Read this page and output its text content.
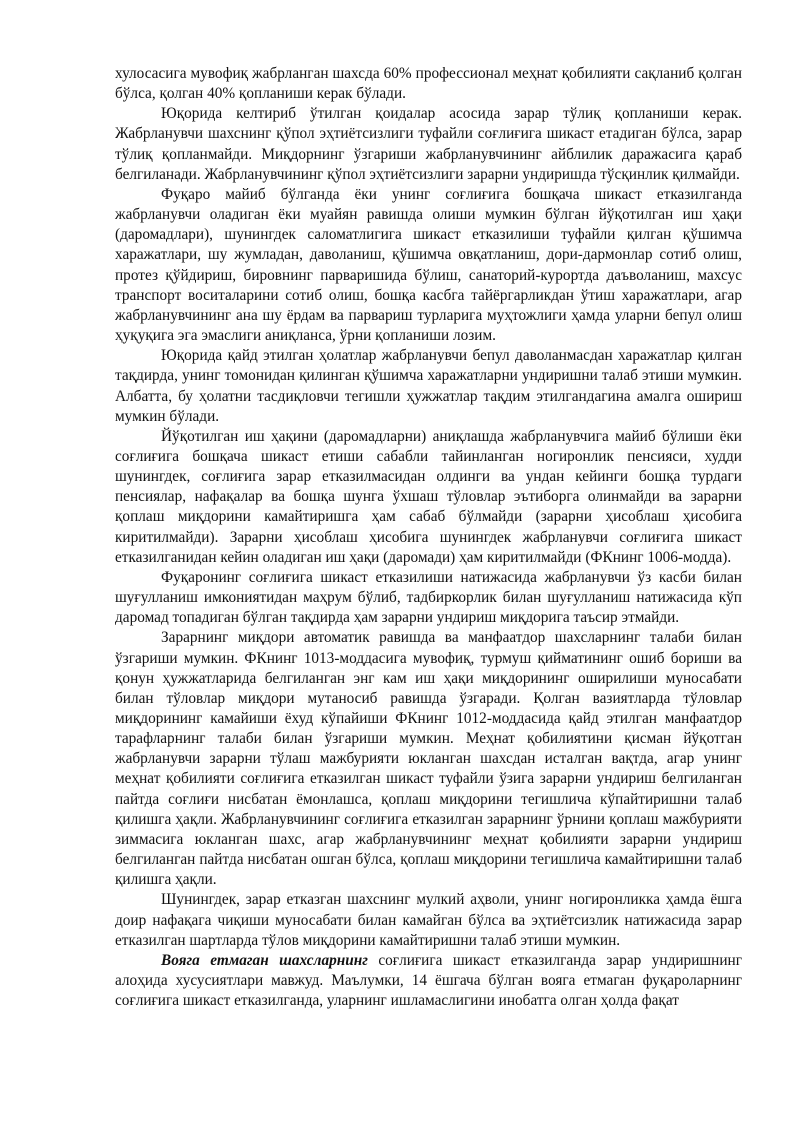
хулосасига мувофиқ жабрланган шахсда 60% профессионал меҳнат қобилияти сақланиб қолган бўлса, қолган 40% қопланиши керак бўлади.

Юқорида келтириб ўтилган қоидалар асосида зарар тўлиқ қопланиши керак. Жабрланувчи шахснинг қўпол эҳтиётсизлиги туфайли соғлиғига шикаст етадиган бўлса, зарар тўлиқ қопланмайди. Миқдорнинг ўзгариши жабрланувчининг айблилик даражасига қараб белгиланади. Жабрланувчининг қўпол эҳтиётсизлиги зарарни ундиришда тўсқинлик қилмайди.

Фуқаро майиб бўлганда ёки унинг соғлиғига бошқача шикаст етказилганда жабрланувчи оладиган ёки муайян равишда олиши мумкин бўлган йўқотилган иш ҳақи (даромадлари), шунингдек саломатлигига шикаст етказилиши туфайли қилган қўшимча харажатлари, шу жумладан, даволаниш, қўшимча овқатланиш, дори-дармонлар сотиб олиш, протез қўйдириш, бировнинг парваришида бўлиш, санаторий-курортда даъволаниш, махсус транспорт воситаларини сотиб олиш, бошқа касбга тайёргарликдан ўтиш харажатлари, агар жабрланувчининг ана шу ёрдам ва парвариш турларига муҳтожлиги ҳамда уларни бепул олиш ҳуқуқига эга эмаслиги аниқланса, ўрни қопланиши лозим.

Юқорида қайд этилган ҳолатлар жабрланувчи бепул даволанмасдан харажатлар қилган тақдирда, унинг томонидан қилинган қўшимча харажатларни ундиришни талаб этиши мумкин. Албатта, бу ҳолатни тасдиқловчи тегишли ҳужжатлар тақдим этилгандагина амалга ошириш мумкин бўлади.

Йўқотилган иш ҳақини (даромадларни) аниқлашда жабрланувчига майиб бўлиши ёки соғлиғига бошқача шикаст етиши сабабли тайинланган ногиронлик пенсияси, худди шунингдек, соғлиғига зарар етказилмасидан олдинги ва ундан кейинги бошқа турдаги пенсиялар, нафақалар ва бошқа шунга ўхшаш тўловлар эътиборга олинмайди ва зарарни қоплаш миқдорини камайтиришга ҳам сабаб бўлмайди (зарарни ҳисоблаш ҳисобига киритилмайди). Зарарни ҳисоблаш ҳисобига шунингдек жабрланувчи соғлиғига шикаст етказилганидан кейин оладиган иш ҳақи (даромади) ҳам киритилмайди (ФКнинг 1006-модда).

Фуқаронинг соғлиғига шикаст етказилиши натижасида жабрланувчи ўз касби билан шуғулланиш имкониятидан маҳрум бўлиб, тадбиркорлик билан шуғулланиш натижасида кўп даромад топадиган бўлган тақдирда ҳам зарарни ундириш миқдорига таъсир этмайди.

Зарарнинг миқдори автоматик равишда ва манфаатдор шахсларнинг талаби билан ўзгариши мумкин. ФКнинг 1013-моддасига мувофиқ, турмуш қийматининг ошиб бориши ва қонун ҳужжатларида белгиланган энг кам иш ҳақи миқдорининг оширилиши муносабати билан тўловлар миқдори мутаносиб равишда ўзгаради. Қолган вазиятларда тўловлар миқдорининг камайиши ёхуд кўпайиши ФКнинг 1012-моддасида қайд этилган манфаатдор тарафларнинг талаби билан ўзгариши мумкин. Меҳнат қобилиятини қисман йўқотган жабрланувчи зарарни тўлаш мажбурияти юкланган шахсдан исталган вақтда, агар унинг меҳнат қобилияти соғлиғига етказилган шикаст туфайли ўзига зарарни ундириш белгиланган пайтда соғлиғи нисбатан ёмонлашса, қоплаш миқдорини тегишлича кўпайтиришни талаб қилишга ҳақли. Жабрланувчининг соғлиғига етказилган зарарнинг ўрнини қоплаш мажбурияти зиммасига юкланган шахс, агар жабрланувчининг меҳнат қобилияти зарарни ундириш белгиланган пайтда нисбатан ошган бўлса, қоплаш миқдорини тегишлича камайтиришни талаб қилишга ҳақли.

Шунингдек, зарар етказган шахснинг мулкий аҳволи, унинг ногиронликка ҳамда ёшга доир нафақага чиқиши муносабати билан камайган бўлса ва эҳтиётсизлик натижасида зарар етказилган шартларда тўлов миқдорини камайтиришни талаб этиши мумкин.

Вояга етмаган шахсларнинг соғлиғига шикаст етказилганда зарар ундиришнинг алоҳида хусусиятлари мавжуд. Маълумки, 14 ёшгача бўлган вояга етмаган фуқароларнинг соғлиғига шикаст етказилганда, уларнинг ишламаслигини инобатга олган ҳолда фақат
